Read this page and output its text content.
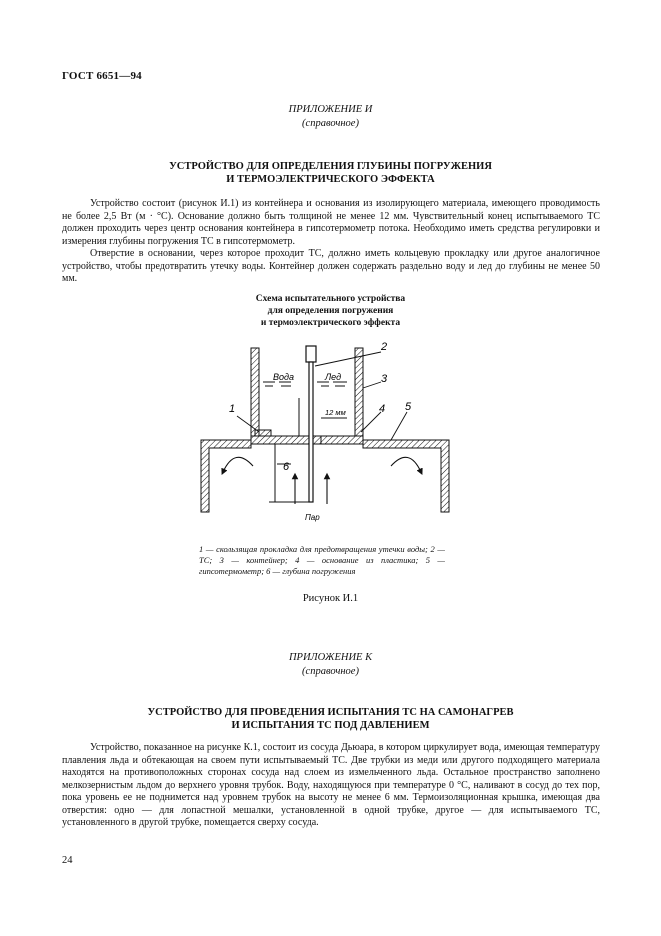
ГОСТ 6651—94
ПРИЛОЖЕНИЕ И
(справочное)
УСТРОЙСТВО ДЛЯ ОПРЕДЕЛЕНИЯ ГЛУБИНЫ ПОГРУЖЕНИЯ
И ТЕРМОЭЛЕКТРИЧЕСКОГО ЭФФЕКТА

Устройство состоит (рисунок И.1) из контейнера и основания из изолирующего материала, имеющего проводимость не более 2,5 Вт (м · °С). Основание должно быть толщиной не менее 12 мм. Чувствительный конец испытываемого ТС должен проходить через центр основания контейнера в гипсотермометр потока. Необходимо иметь средства регулировки и измерения глубины погружения ТС в гипсотермометр.

Отверстие в основании, через которое проходит ТС, должно иметь кольцевую прокладку или другое аналогичное устройство, чтобы предотвратить утечку воды. Контейнер должен содержать раздельно воду и лед до глубины не менее 50 мм.

Схема испытательного устройства
для определения погружения
и термоэлектрического эффекта
Вода	Лед
12 мм
Пар
1
2
3
4 5
6
1 — скользящая прокладка для предотвращения утечки воды; 2 — ТС; 3 — контейнер; 4 — основание из пластика; 5 — гипсотермометр; 6 — глубина погружения
Рисунок И.1
ПРИЛОЖЕНИЕ К
(справочное)
УСТРОЙСТВО ДЛЯ ПРОВЕДЕНИЯ ИСПЫТАНИЯ ТС НА САМОНАГРЕВ
И ИСПЫТАНИЯ ТС ПОД ДАВЛЕНИЕМ

Устройство, показанное на рисунке К.1, состоит из сосуда Дьюара, в котором циркулирует вода, имеющая температуру плавления льда и обтекающая на своем пути испытываемый ТС. Две трубки из меди или другого подходящего материала находятся на противоположных сторонах сосуда над слоем из измельченного льда. Остальное пространство заполнено мелкозернистым льдом до верхнего уровня трубок. Воду, находящуюся при температуре 0 °С, наливают в сосуд до тех пор, пока уровень ее не поднимется над уровнем трубок на высоту не менее 6 мм. Термоизоляционная крышка, имеющая два отверстия: одно — для лопастной мешалки, установленной в одной трубке, другое — для испытываемого ТС, установленного в другой трубке, помещается сверху сосуда.

24
